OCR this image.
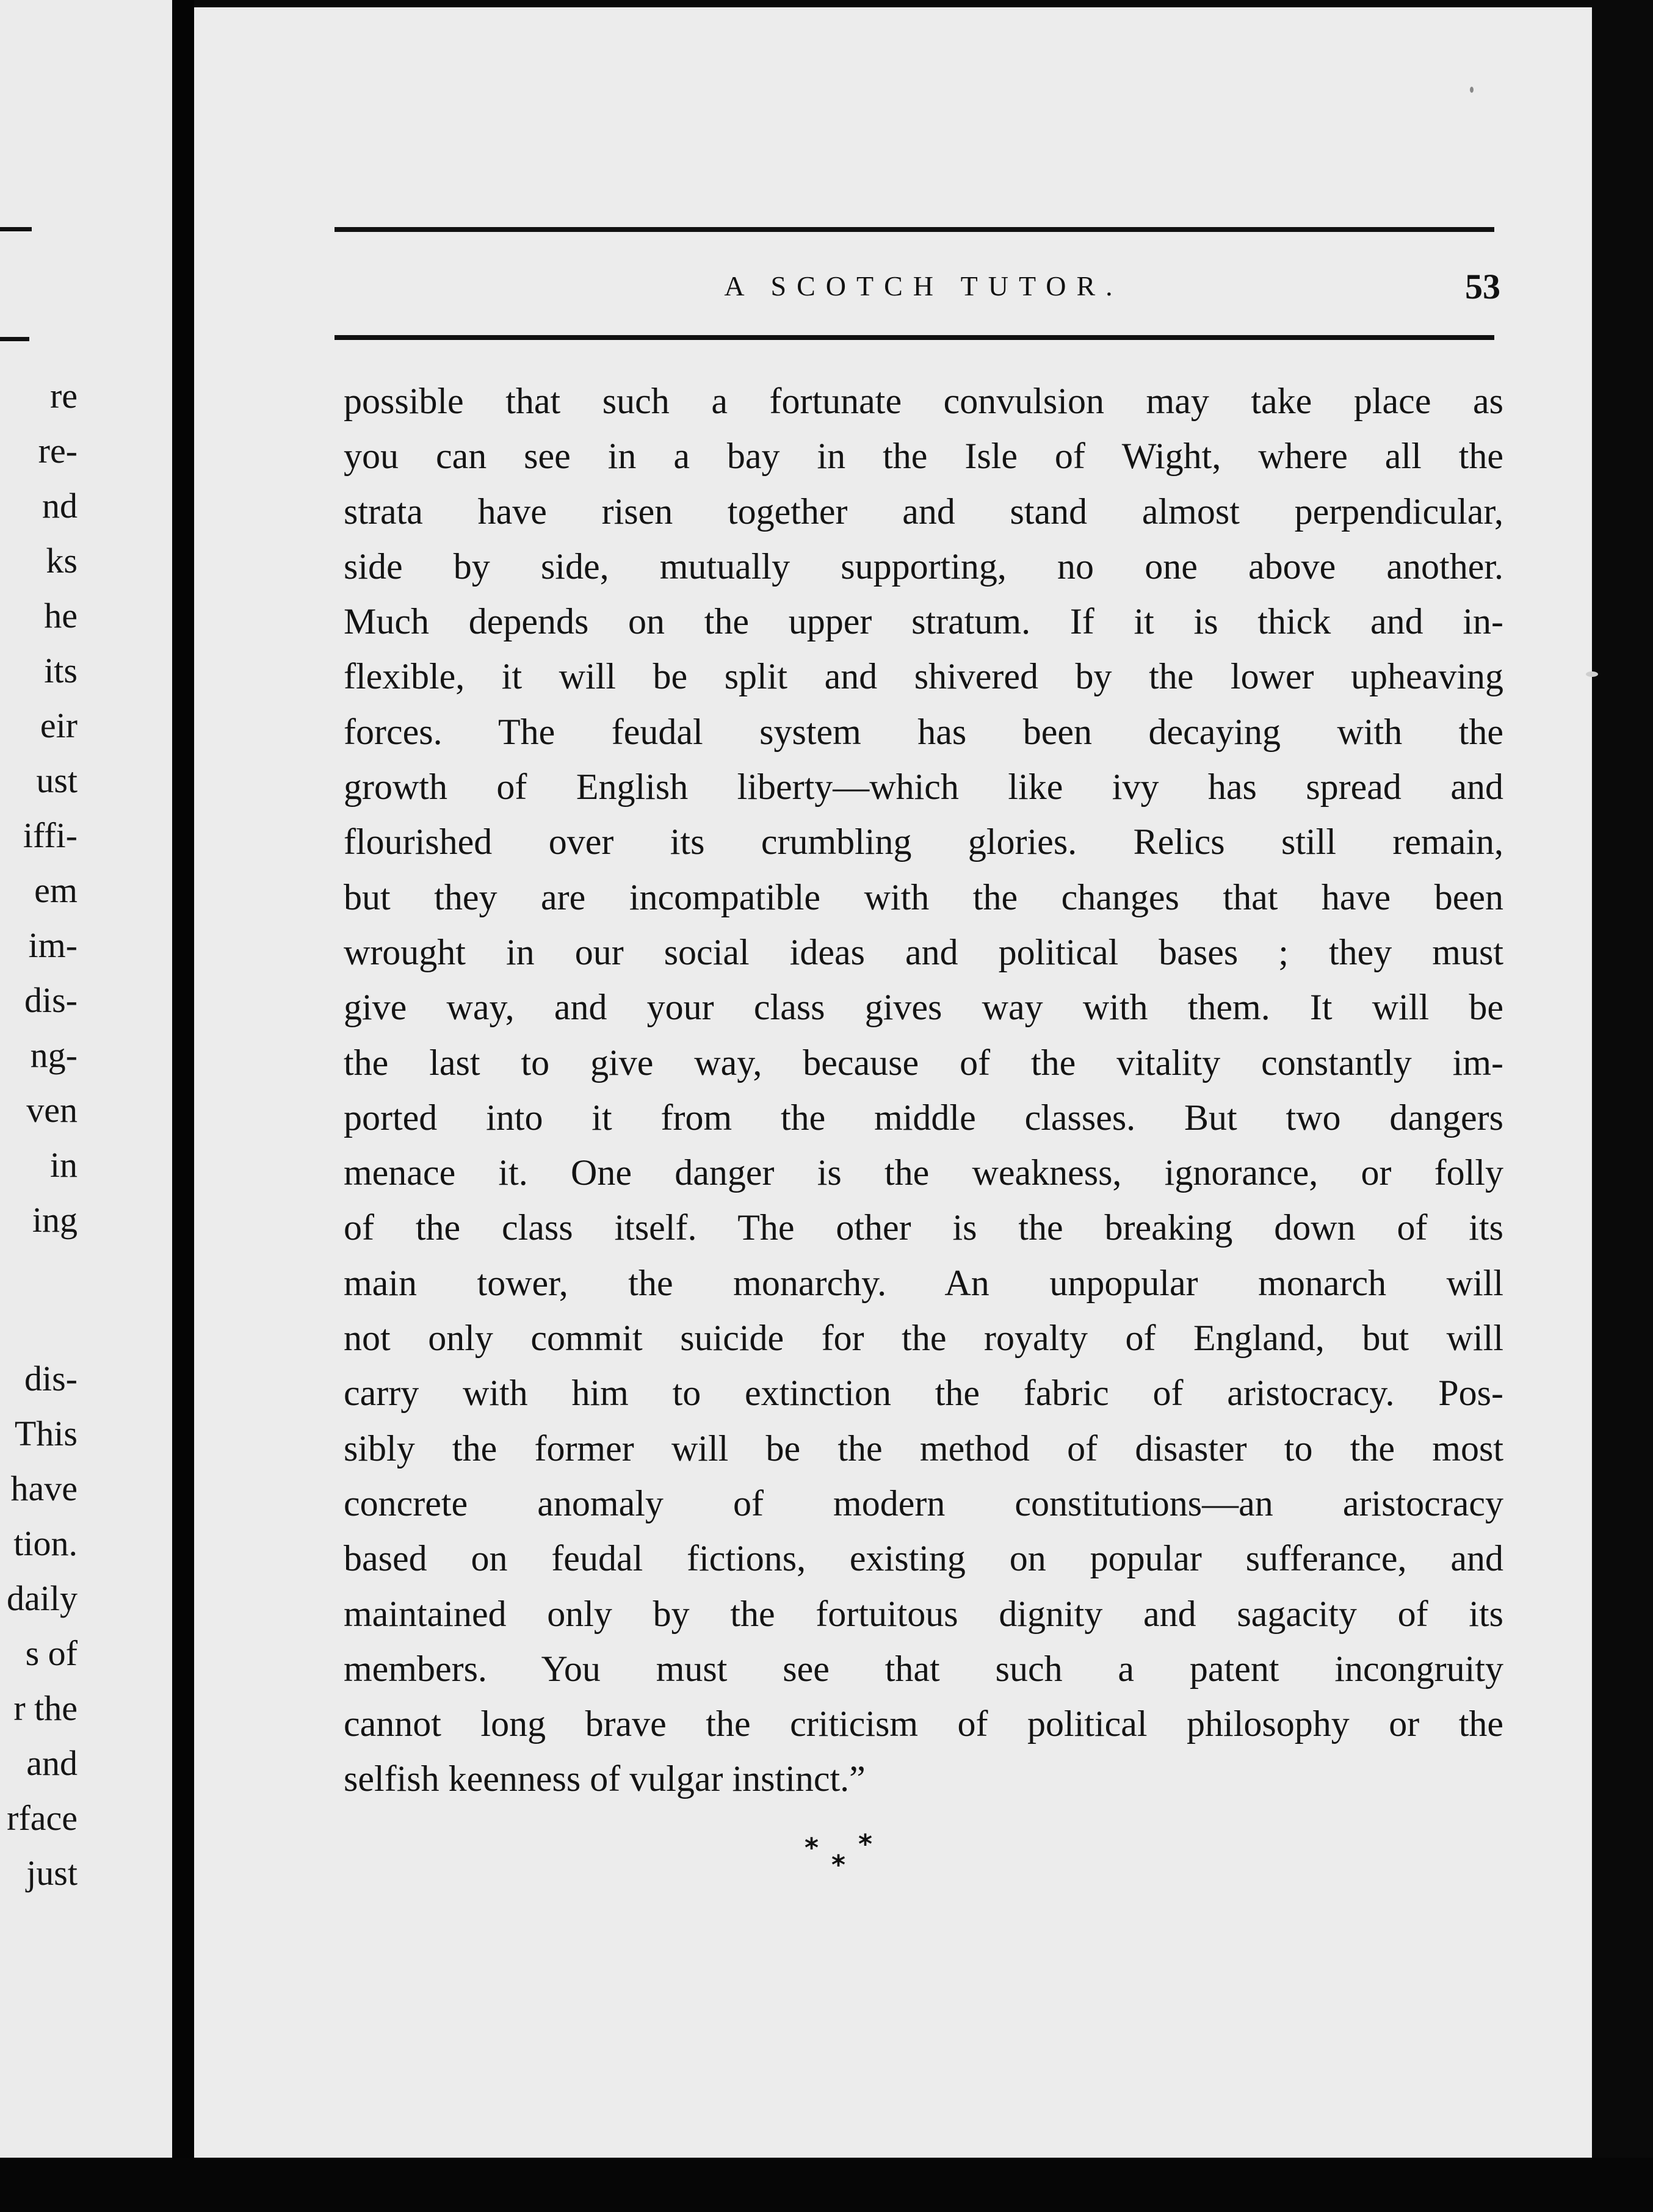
re
re-
nd
ks
he
its
eir
ust
iffi-
em
im-
dis-
ng-
ven
in
ing
dis-
This
have
tion.
daily
s of
r the
and
rface
just
A SCOTCH TUTOR.	53
possible that such a fortunate convulsion may take place as
you can see in a bay in the Isle of Wight, where all the
strata have risen together and stand almost perpendicular,
side by side, mutually supporting, no one above another.
Much depends on the upper stratum. If it is thick and in-
flexible, it will be split and shivered by the lower upheaving
forces. The feudal system has been decaying with the
growth of English liberty—which like ivy has spread and
flourished over its crumbling glories. Relics still remain,
but they are incompatible with the changes that have been
wrought in our social ideas and political bases ; they must
give way, and your class gives way with them. It will be
the last to give way, because of the vitality constantly im-
ported into it from the middle classes. But two dangers
menace it. One danger is the weakness, ignorance, or folly
of the class itself. The other is the breaking down of its
main tower, the monarchy. An unpopular monarch will
not only commit suicide for the royalty of England, but will
carry with him to extinction the fabric of aristocracy. Pos-
sibly the former will be the method of disaster to the most
concrete anomaly of modern constitutions—an aristocracy
based on feudal fictions, existing on popular sufferance, and
maintained only by the fortuitous dignity and sagacity of its
members. You must see that such a patent incongruity
cannot long brave the criticism of political philosophy or the
selfish keenness of vulgar instinct.”
* *
*
